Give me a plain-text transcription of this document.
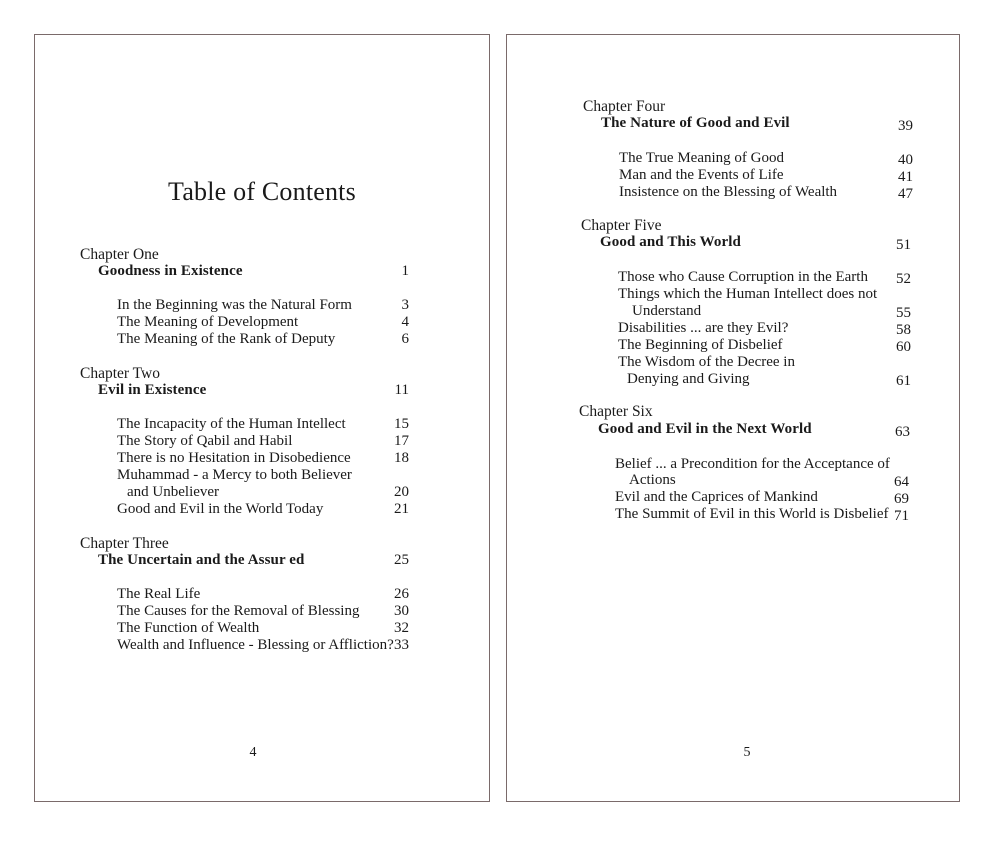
Table of Contents
Chapter One
Goodness in Existence	1
In the Beginning was the Natural Form	3
The Meaning of Development	4
The Meaning of the Rank of Deputy	6
Chapter Two
Evil in Existence	11
The Incapacity of the Human Intellect	15
The Story of Qabil and Habil	17
There is no Hesitation in Disobedience	18
Muhammad - a Mercy to both Believer
and Unbeliever	20
Good and Evil in the World Today	21
Chapter Three
The Uncertain and the Assur ed	25
The Real Life	26
The Causes for the Removal of Blessing	30
The Function of Wealth	32
Wealth and Influence - Blessing or Affliction? 33
4
Chapter Four
The Nature of Good and Evil	39
The True Meaning of Good	40
Man and the Events of Life	41
Insistence on the Blessing of Wealth	47
Chapter Five
Good and This World	51
Those who Cause Corruption in the Earth	52
Things which the Human Intellect does not
Understand	55
Disabilities ... are they Evil?	58
The Beginning of Disbelief	60
The Wisdom of the Decree in
Denying and Giving	61
Chapter Six
Good and Evil in the Next World	63
Belief ... a Precondition for the Acceptance of
Actions	64
Evil and the Caprices of Mankind	69
The Summit of Evil in this World is Disbelief 71
5
